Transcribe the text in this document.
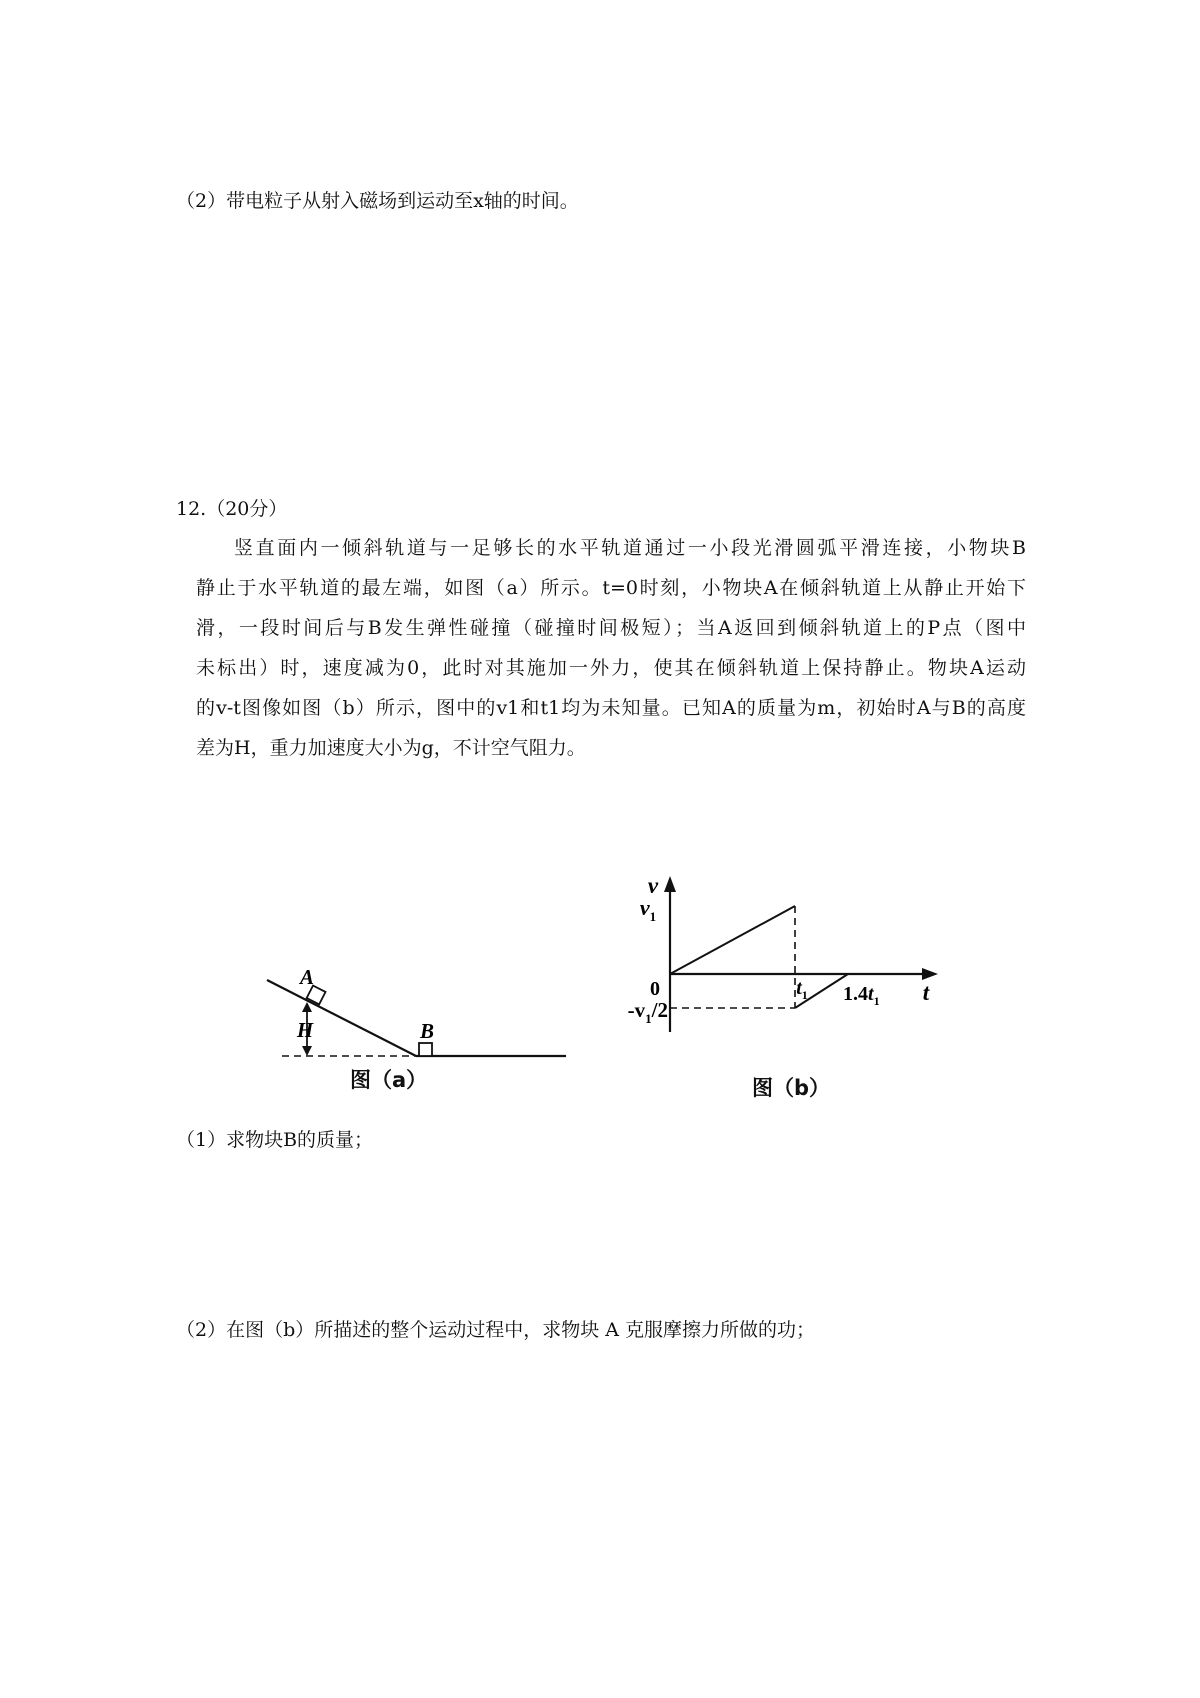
（2）带电粒子从射入磁场到运动至x轴的时间。
12.（20分）
竖直面内一倾斜轨道与一足够长的水平轨道通过一小段光滑圆弧平滑连接，小物块B
静止于水平轨道的最左端，如图（a）所示。t=0时刻，小物块A在倾斜轨道上从静止开始下
滑，一段时间后与B发生弹性碰撞（碰撞时间极短）；当A返回到倾斜轨道上的P点（图中
未标出）时，速度减为0，此时对其施加一外力，使其在倾斜轨道上保持静止。物块A运动
的v-t图像如图（b）所示，图中的v1和t1均为未知量。已知A的质量为m，初始时A与B的高度
差为H，重力加速度大小为g，不计空气阻力。
A
B
H
图（a）
v
t
$v_1$
0
$-v_1/2$
$t_1$ $1.4t_1$
图（b）
（1）求物块B的质量；
（2）在图（b）所描述的整个运动过程中，求物块 A 克服摩擦力所做的功；
